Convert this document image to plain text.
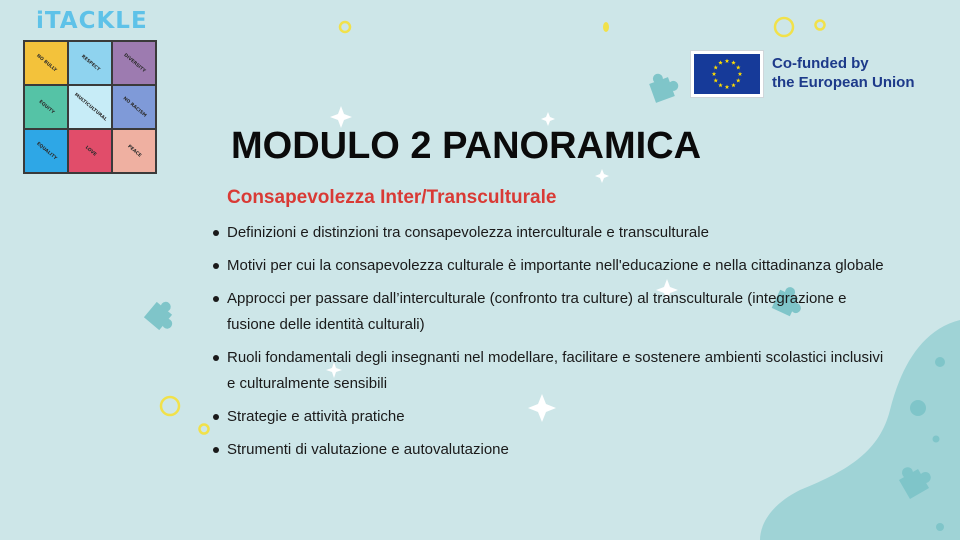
iTACKLE
NO BULLY	RESPECT	DIVERSITY
EQUITY	MULTICULTURAL	NO RACISM
EQUALITY	LOVE	PEACE
Co-funded by
the European Union
MODULO 2 PANORAMICA
Consapevolezza Inter/Transculturale
Definizioni e distinzioni tra consapevolezza interculturale e transculturale
Motivi per cui la consapevolezza culturale è importante nell'educazione e nella cittadinanza globale
Approcci per passare dall’interculturale (confronto tra culture) al transculturale (integrazione e fusione delle identità culturali)
Ruoli fondamentali degli insegnanti nel modellare, facilitare e sostenere ambienti scolastici inclusivi e culturalmente sensibili
Strategie e attività pratiche
Strumenti di valutazione e autovalutazione
